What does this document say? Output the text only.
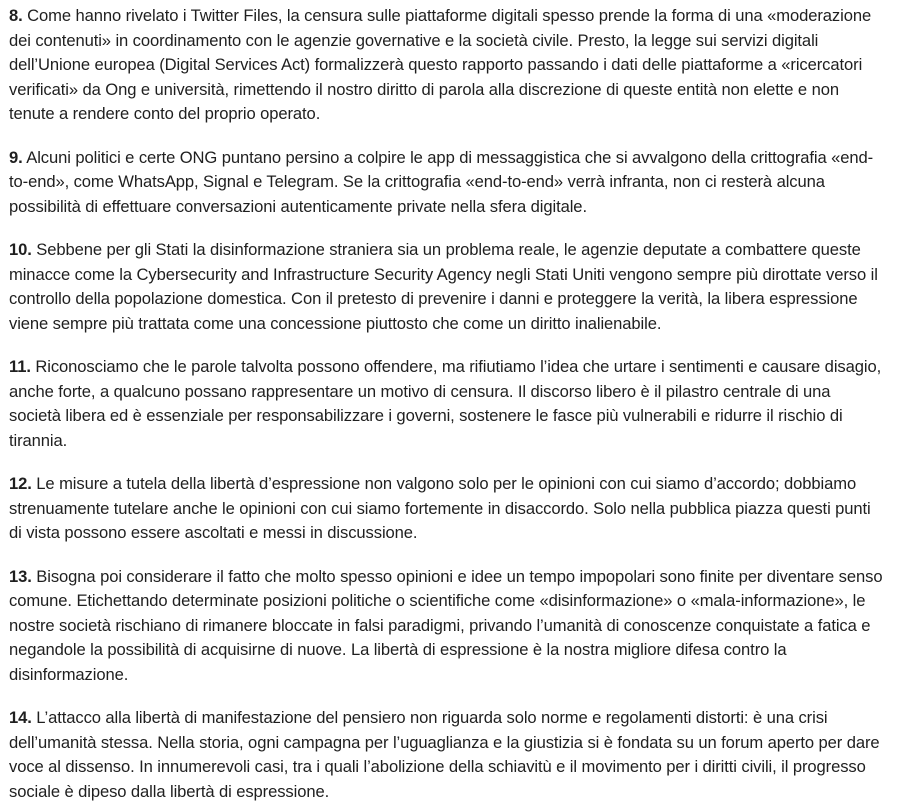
8. Come hanno rivelato i Twitter Files, la censura sulle piattaforme digitali spesso prende la forma di una «moderazione dei contenuti» in coordinamento con le agenzie governative e la società civile. Presto, la legge sui servizi digitali dell’Unione europea (Digital Services Act) formalizzerà questo rapporto passando i dati delle piattaforme a «ricercatori verificati» da Ong e università, rimettendo il nostro diritto di parola alla discrezione di queste entità non elette e non tenute a rendere conto del proprio operato.

9. Alcuni politici e certe ONG puntano persino a colpire le app di messaggistica che si avvalgono della crittografia «end-to-end», come WhatsApp, Signal e Telegram. Se la crittografia «end-to-end» verrà infranta, non ci resterà alcuna possibilità di effettuare conversazioni autenticamente private nella sfera digitale.

10. Sebbene per gli Stati la disinformazione straniera sia un problema reale, le agenzie deputate a combattere queste minacce come la Cybersecurity and Infrastructure Security Agency negli Stati Uniti vengono sempre più dirottate verso il controllo della popolazione domestica. Con il pretesto di prevenire i danni e proteggere la verità, la libera espressione viene sempre più trattata come una concessione piuttosto che come un diritto inalienabile.

11. Riconosciamo che le parole talvolta possono offendere, ma rifiutiamo l’idea che urtare i sentimenti e causare disagio, anche forte, a qualcuno possano rappresentare un motivo di censura. Il discorso libero è il pilastro centrale di una società libera ed è essenziale per responsabilizzare i governi, sostenere le fasce più vulnerabili e ridurre il rischio di tirannia.

12. Le misure a tutela della libertà d’espressione non valgono solo per le opinioni con cui siamo d’accordo; dobbiamo strenuamente tutelare anche le opinioni con cui siamo fortemente in disaccordo. Solo nella pubblica piazza questi punti di vista possono essere ascoltati e messi in discussione.

13. Bisogna poi considerare il fatto che molto spesso opinioni e idee un tempo impopolari sono finite per diventare senso comune. Etichettando determinate posizioni politiche o scientifiche come «disinformazione» o «mala-informazione», le nostre società rischiano di rimanere bloccate in falsi paradigmi, privando l’umanità di conoscenze conquistate a fatica e negandole la possibilità di acquisirne di nuove. La libertà di espressione è la nostra migliore difesa contro la disinformazione.

14. L’attacco alla libertà di manifestazione del pensiero non riguarda solo norme e regolamenti distorti: è una crisi dell’umanità stessa. Nella storia, ogni campagna per l’uguaglianza e la giustizia si è fondata su un forum aperto per dare voce al dissenso. In innumerevoli casi, tra i quali l’abolizione della schiavitù e il movimento per i diritti civili, il progresso sociale è dipeso dalla libertà di espressione.
